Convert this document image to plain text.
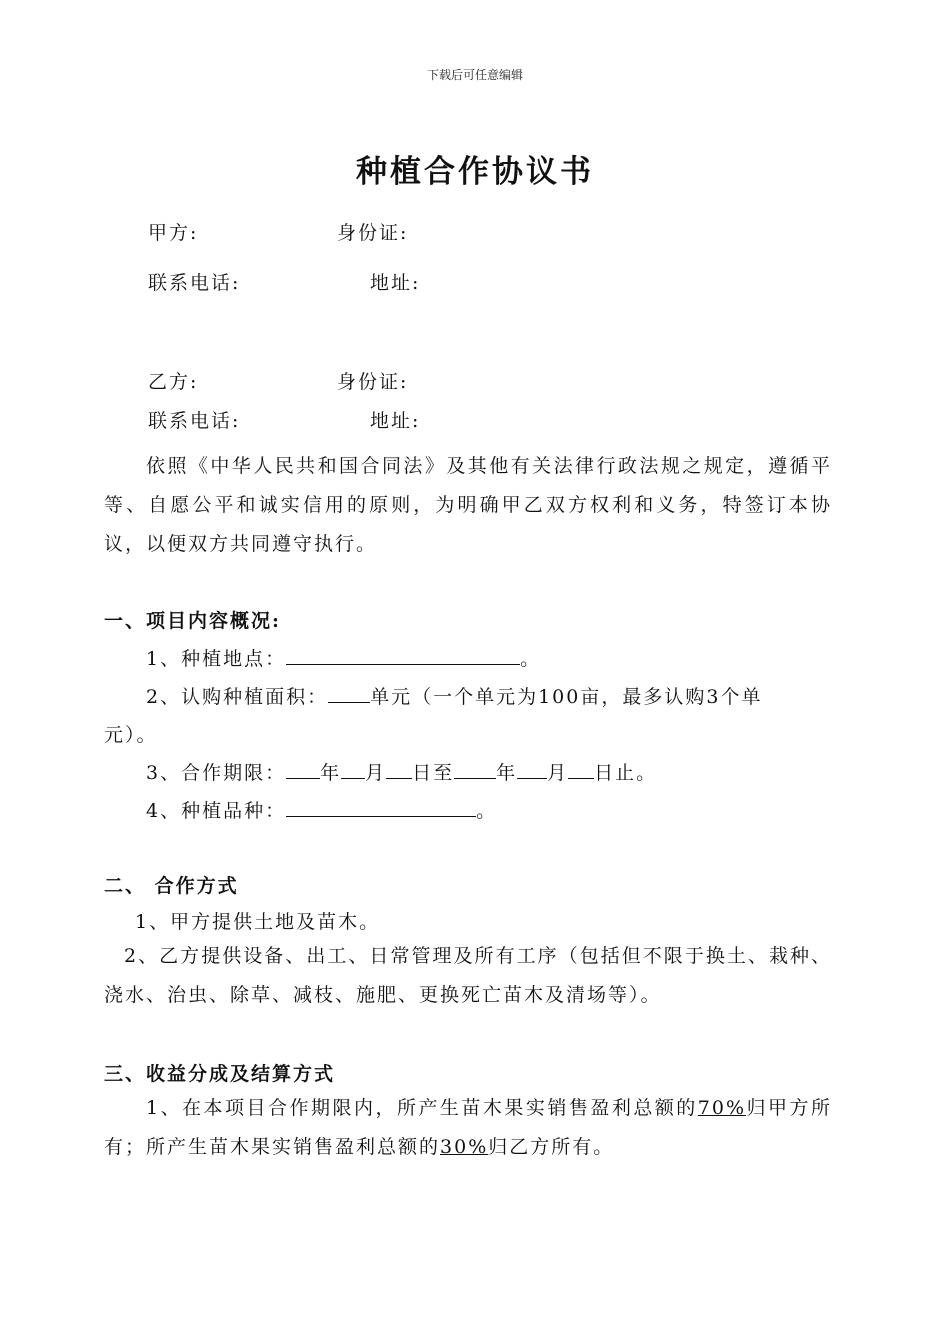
下载后可任意编辑
种植合作协议书
甲方:	身份证:
联系电话:	地址:
乙方:	身份证:
联系电话:	地址:
依照《中华人民共和国合同法》及其他有关法律行政法规之规定，遵循平等、自愿公平和诚实信用的原则，为明确甲乙双方权利和义务，特签订本协议，以便双方共同遵守执行。
一、项目内容概况:
1、种植地点：	。
2、认购种植面积： 单元（一个单元为100亩，最多认购3个单
元）。
3、合作期限： 年 月 日至 年 月 日止。
4、种植品种：	。
二、 合作方式
1、甲方提供土地及苗木。
2、乙方提供设备、出工、日常管理及所有工序（包括但不限于换土、栽种、浇水、治虫、除草、减枝、施肥、更换死亡苗木及清场等）。
三、收益分成及结算方式
1、在本项目合作期限内，所产生苗木果实销售盈利总额的70%归甲方所有；所产生苗木果实销售盈利总额的30%归乙方所有。
